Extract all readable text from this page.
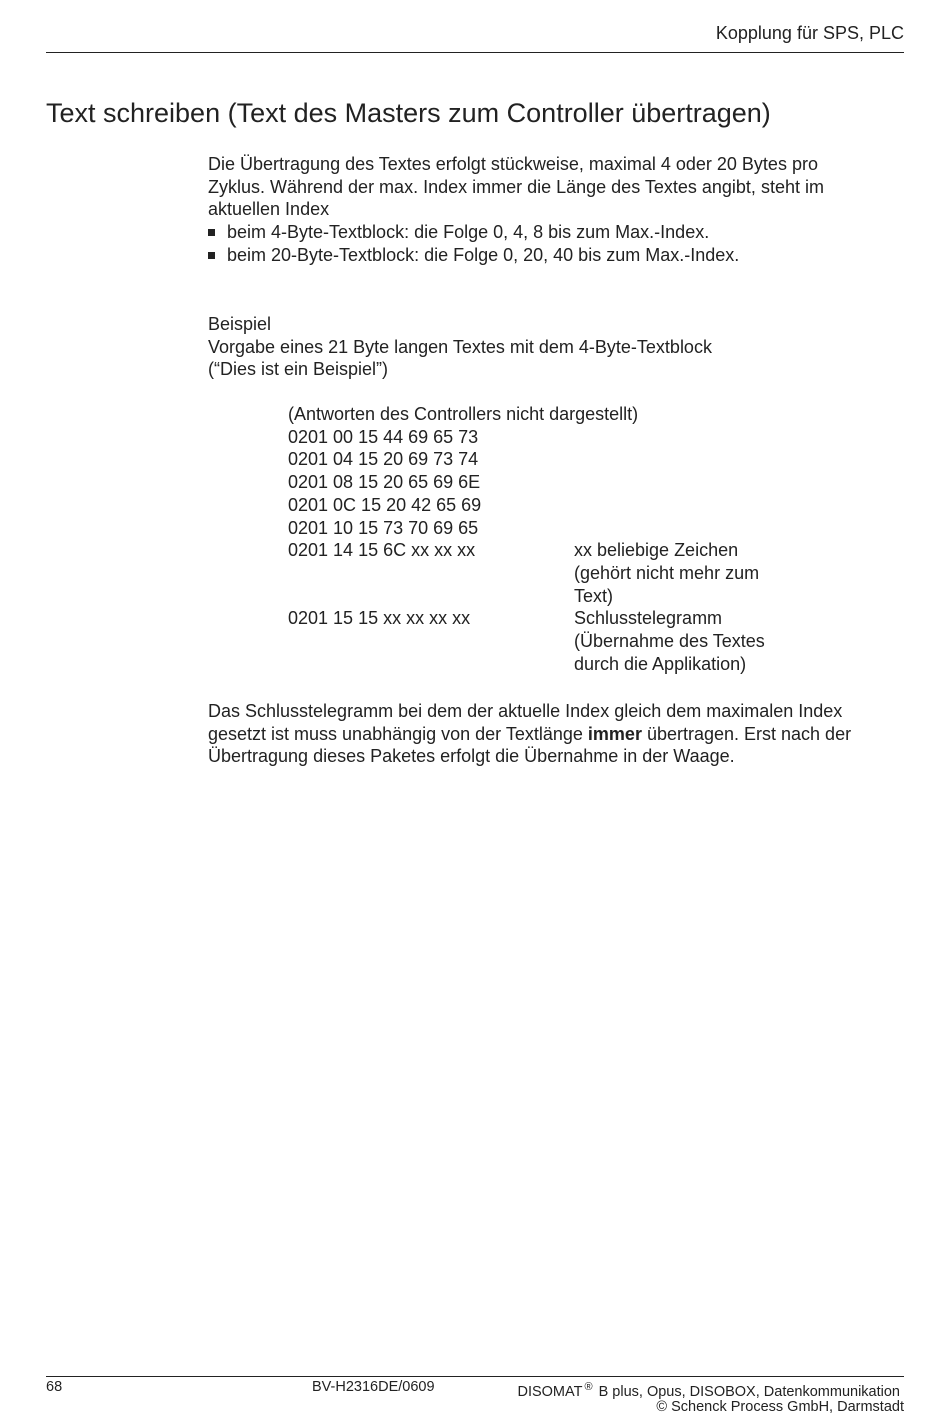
Kopplung für SPS, PLC
Text schreiben (Text des Masters zum Controller übertragen)
Die Übertragung des Textes erfolgt stückweise, maximal 4 oder 20 Bytes pro
Zyklus. Während der max. Index immer die Länge des Textes angibt, steht im
aktuellen Index
beim 4-Byte-Textblock: die Folge 0, 4, 8 bis zum Max.-Index.
beim 20-Byte-Textblock: die Folge 0, 20, 40 bis zum Max.-Index.
Beispiel
Vorgabe eines 21 Byte langen Textes mit dem 4-Byte-Textblock
(“Dies ist ein Beispiel”)
(Antworten des Controllers nicht dargestellt)
0201 00 15 44 69 65 73
0201 04 15 20 69 73 74
0201 08 15 20 65 69 6E
0201 0C 15 20 42 65 69
0201 10 15 73 70 69 65
0201 14 15 6C xx xx xx	xx beliebige Zeichen
(gehört nicht mehr zum
Text)

0201 15 15 xx xx xx xx	Schlusstelegramm
(Übernahme des Textes
durch die Applikation)
Das Schlusstelegramm bei dem der aktuelle Index gleich dem maximalen Index
gesetzt ist muss unabhängig von der Textlänge immer übertragen. Erst nach der
Übertragung dieses Paketes erfolgt die Übernahme in der Waage.
68	BV-H2316DE/0609	DISOMAT ® B plus, Opus, DISOBOX, Datenkommunikation
© Schenck Process GmbH, Darmstadt
